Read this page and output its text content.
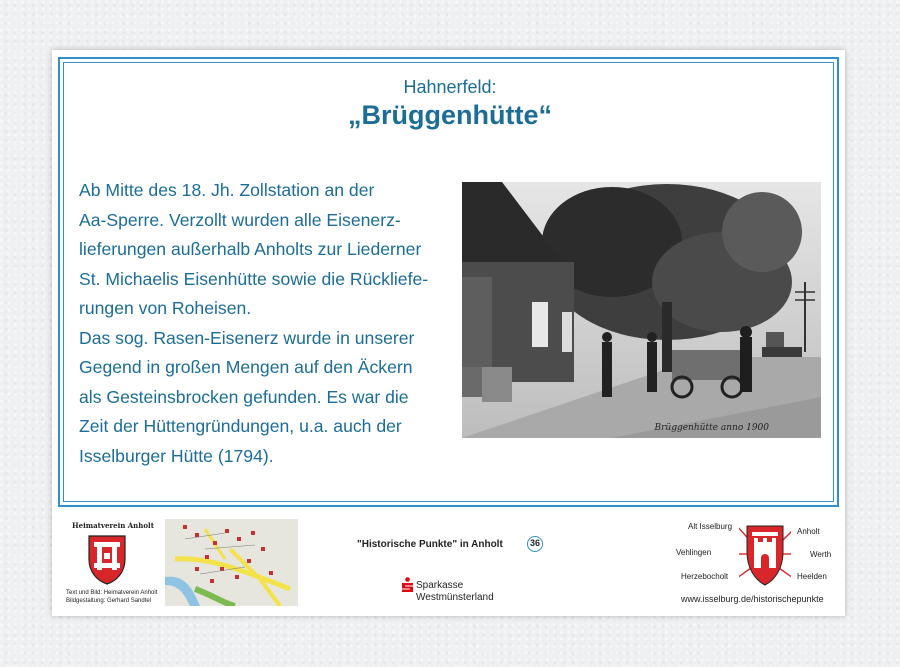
Hahnerfeld:
„Brüggenhütte“
Ab Mitte des 18. Jh. Zollstation an der
Aa-Sperre. Verzollt wurden alle Eisenerz-
lieferungen außerhalb Anholts zur Liederner
St. Michaelis Eisenhütte sowie die Rückliefe-
rungen von Roheisen.
Das sog. Rasen-Eisenerz wurde in unserer
Gegend in großen Mengen auf den Äckern
als Gesteinsbrocken gefunden. Es war die
Zeit der Hüttengründungen, u.a. auch der
Isselburger Hütte (1794).
Brüggenhütte anno 1900
Heimatverein Anholt
Text und Bild: Heimatverein Anholt
Bildgestaltung: Gerhard Sandtel
"Historische Punkte" in Anholt	36
Sparkasse
Westmünsterland
Alt Isselburg
Anholt
Vehlingen	Werth
Herzebocholt	Heelden
www.isselburg.de/historischepunkte
